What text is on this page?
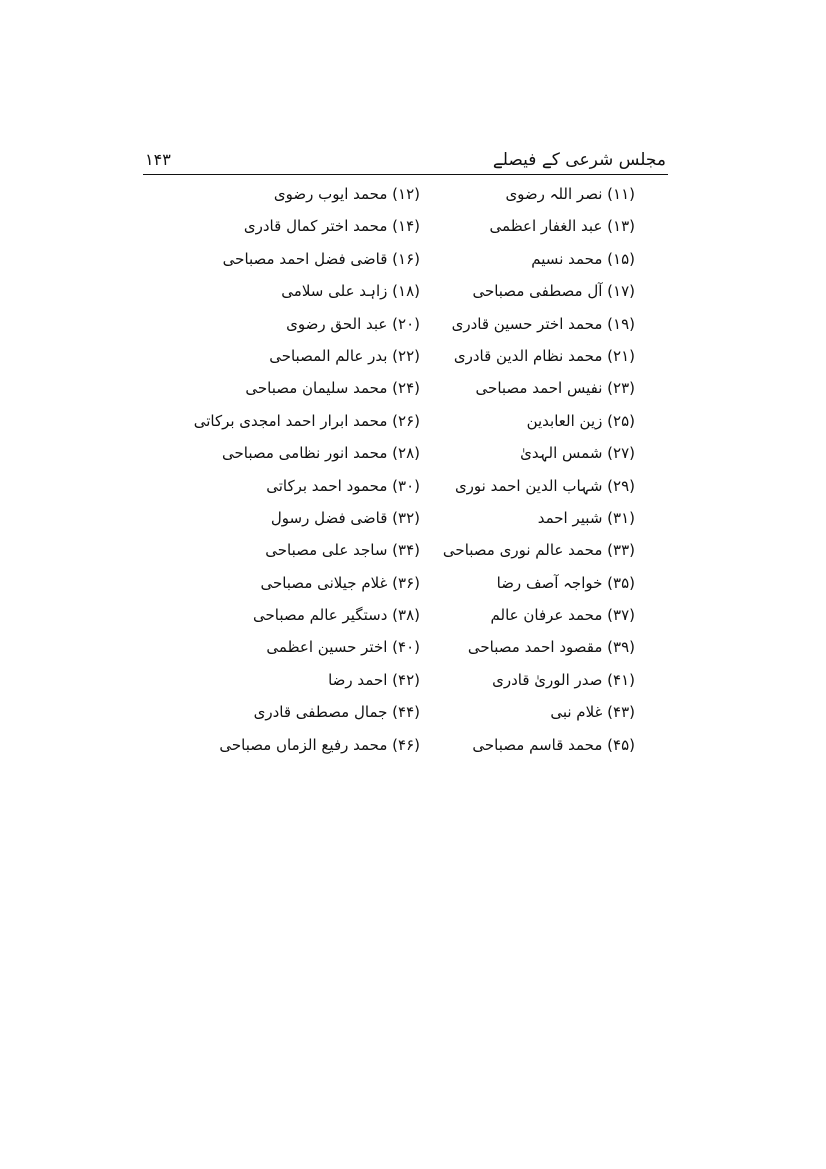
مجلس شرعی کے فیصلے
۱۴۳
(۱۱) نصر اللہ رضوی
(۱۲) محمد ایوب رضوی
(۱۳) عبد الغفار اعظمی
(۱۴) محمد اختر کمال قادری
(۱۵) محمد نسیم
(۱۶) قاضی فضل احمد مصباحی
(۱۷) آل مصطفی مصباحی
(۱۸) زاہد علی سلامی
(۱۹) محمد اختر حسین قادری
(۲۰) عبد الحق رضوی
(۲۱) محمد نظام الدین قادری
(۲۲) بدر عالم المصباحی
(۲۳) نفیس احمد مصباحی
(۲۴) محمد سلیمان مصباحی
(۲۵) زین العابدین
(۲۶) محمد ابرار احمد امجدی برکاتی
(۲۷) شمس الہدیٰ
(۲۸) محمد انور نظامی مصباحی
(۲۹) شہاب الدین احمد نوری
(۳۰) محمود احمد برکاتی
(۳۱) شبیر احمد
(۳۲) قاضی فضل رسول
(۳۳) محمد عالم نوری مصباحی
(۳۴) ساجد علی مصباحی
(۳۵) خواجہ آصف رضا
(۳۶) غلام جیلانی مصباحی
(۳۷) محمد عرفان عالم
(۳۸) دستگیر عالم مصباحی
(۳۹) مقصود احمد مصباحی
(۴۰) اختر حسین اعظمی
(۴۱) صدر الوریٰ قادری
(۴۲) احمد رضا
(۴۳) غلام نبی
(۴۴) جمال مصطفی قادری
(۴۵) محمد قاسم مصباحی
(۴۶) محمد رفیع الزماں مصباحی
